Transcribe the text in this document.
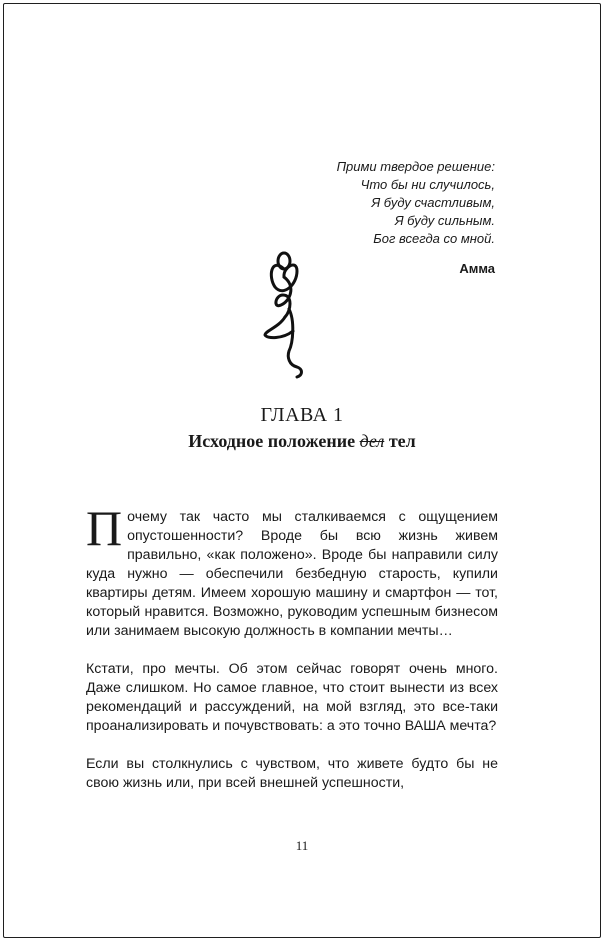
Прими твердое решение:
Что бы ни случилось,
Я буду счастливым,
Я буду сильным.
Бог всегда со мной.
Амма
ГЛАВА 1
Исходное положение дел тел

Почему так часто мы сталкиваемся с ощущением опустошенности? Вроде бы всю жизнь живем правильно, «как положено». Вроде бы направили силу куда нужно — обеспечили безбедную старость, купили квартиры детям. Имеем хорошую машину и смартфон — тот, который нравится. Возможно, руководим успешным бизнесом или занимаем высокую должность в компании мечты…

Кстати, про мечты. Об этом сейчас говорят очень много. Даже слишком. Но самое главное, что стоит вынести из всех рекомендаций и рассуждений, на мой взгляд, это все-таки проанализировать и почувствовать: а это точно ВАША мечта?

Если вы столкнулись с чувством, что живете будто бы не свою жизнь или, при всей внешней успешности,

11
